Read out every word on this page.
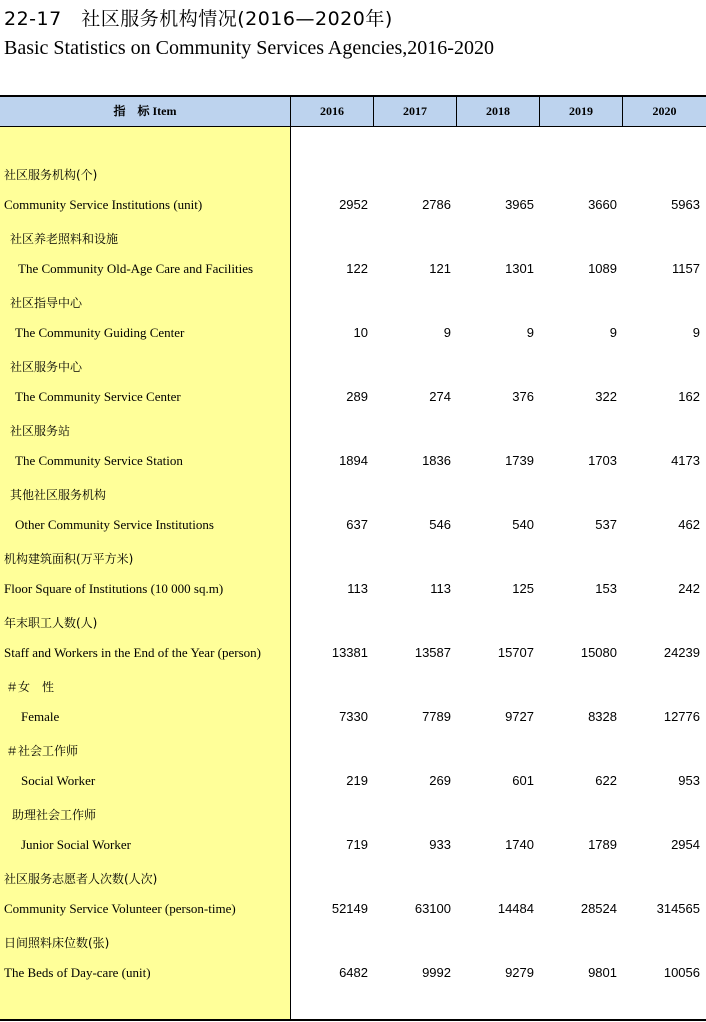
22-17　社区服务机构情况(2016—2020年)
Basic Statistics on Community Services Agencies,2016-2020
指　标 Item	2016	2017	2018	2019	2020
社区服务机构(个)
Community Service Institutions (unit)	2952	2786	3965	3660	5963
社区养老照料和设施
The Community Old-Age Care and Facilities	122	121	1301	1089	1157
社区指导中心
The Community Guiding Center	10	9	9	9	9
社区服务中心
The Community Service Center	289	274	376	322	162
社区服务站
The Community Service Station	1894	1836	1739	1703	4173
其他社区服务机构
Other Community Service Institutions	637	546	540	537	462
机构建筑面积(万平方米)
Floor Square of Institutions (10 000 sq.m)	113	113	125	153	242
年末职工人数(人)
Staff and Workers in the End of the Year (person)	13381	13587	15707	15080	24239
＃女　性
Female	7330	7789	9727	8328	12776
＃社会工作师
Social Worker	219	269	601	622	953
助理社会工作师
Junior Social Worker	719	933	1740	1789	2954
社区服务志愿者人次数(人次)
Community Service Volunteer (person-time)	52149	63100	14484	28524	314565
日间照料床位数(张)
The Beds of Day-care (unit)	6482	9992	9279	9801	10056
